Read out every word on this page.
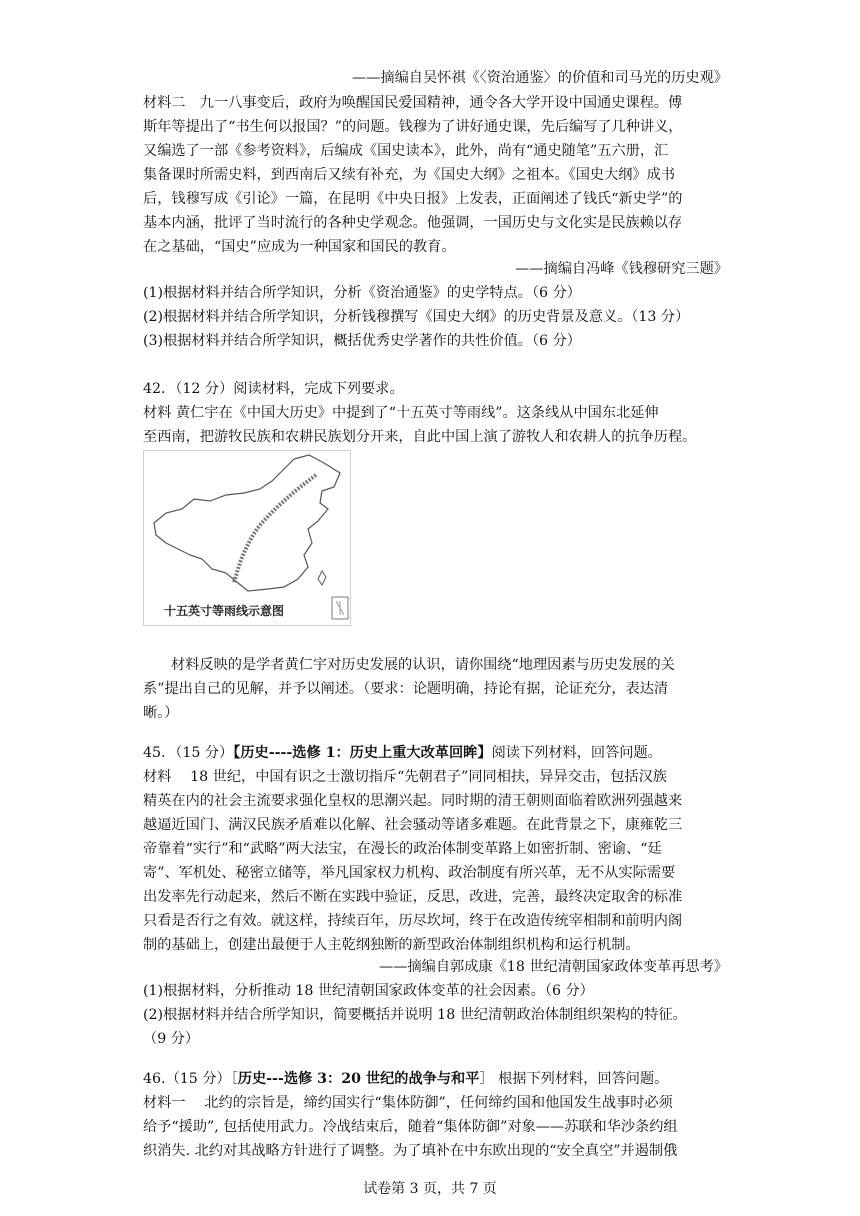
——摘编自吴怀祺《〈资治通鉴〉的价值和司马光的历史观》
材料二　九一八事变后，政府为唤醒国民爱国精神，通令各大学开设中国通史课程。傅
斯年等提出了“书生何以报国？”的问题。钱穆为了讲好通史课，先后编写了几种讲义，
又编选了一部《参考资料》，后编成《国史读本》，此外，尚有“通史随笔”五六册，汇
集备课时所需史料，到西南后又续有补充，为《国史大纲》之祖本。《国史大纲》成书
后，钱穆写成《引论》一篇，在昆明《中央日报》上发表，正面阐述了钱氏“新史学”的
基本内涵，批评了当时流行的各种史学观念。他强调，一国历史与文化实是民族赖以存
在之基础，“国史”应成为一种国家和国民的教育。
——摘编自冯峰《钱穆研究三题》
(1)根据材料并结合所学知识，分析《资治通鉴》的史学特点。（6 分）
(2)根据材料并结合所学知识，分析钱穆撰写《国史大纲》的历史背景及意义。（13 分）
(3)根据材料并结合所学知识，概括优秀史学著作的共性价值。（6 分）
42．（12 分）阅读材料，完成下列要求。
材料 黄仁宇在《中国大历史》中提到了“十五英寸等雨线”。这条线从中国东北延伸
至西南，把游牧民族和农耕民族划分开来，自此中国上演了游牧人和农耕人的抗争历程。
十五英寸等雨线示意图
材料反映的是学者黄仁宇对历史发展的认识，请你围绕“地理因素与历史发展的关
系”提出自己的见解，并予以阐述。（要求：论题明确，持论有据，论证充分，表达清
晰。）
45．（15 分）【历史----选修 1：历史上重大改革回眸】阅读下列材料，回答问题。
材料　 18 世纪，中国有识之士激切指斥“先朝君子”同同相扶，异异交击，包括汉族
精英在内的社会主流要求强化皇权的思潮兴起。同时期的清王朝则面临着欧洲列强越来
越逼近国门、满汉民族矛盾难以化解、社会骚动等诸多难题。在此背景之下，康雍乾三
帝靠着“实行”和“武略”两大法宝，在漫长的政治体制变革路上如密折制、密谕、“廷
寄”、军机处、秘密立储等，举凡国家权力机构、政治制度有所兴革，无不从实际需要
出发率先行动起来，然后不断在实践中验证，反思，改进，完善，最终决定取舍的标准
只看是否行之有效。就这样，持续百年，历尽坎坷，终于在改造传统宰相制和前明内阁
制的基础上，创建出最便于人主乾纲独断的新型政治体制组织机构和运行机制。
——摘编自郭成康《18 世纪清朝国家政体变革再思考》
(1)根据材料，分析推动 18 世纪清朝国家政体变革的社会因素。（6 分）
(2)根据材料并结合所学知识，简要概括并说明 18 世纪清朝政治体制组织架构的特征。
（9 分）
46.（15 分）［历史---选修 3：20 世纪的战争与和平］ 根据下列材料，回答问题。
材料一　 北约的宗旨是，缔约国实行“集体防御”，任何缔约国和他国发生战事时必须
给予“援助”, 包括使用武力。冷战结束后，随着“集体防御”对象——苏联和华沙条约组
织消失. 北约对其战略方针进行了调整。为了填补在中东欧出现的“安全真空”并遏制俄
试卷第 3 页，共 7 页
